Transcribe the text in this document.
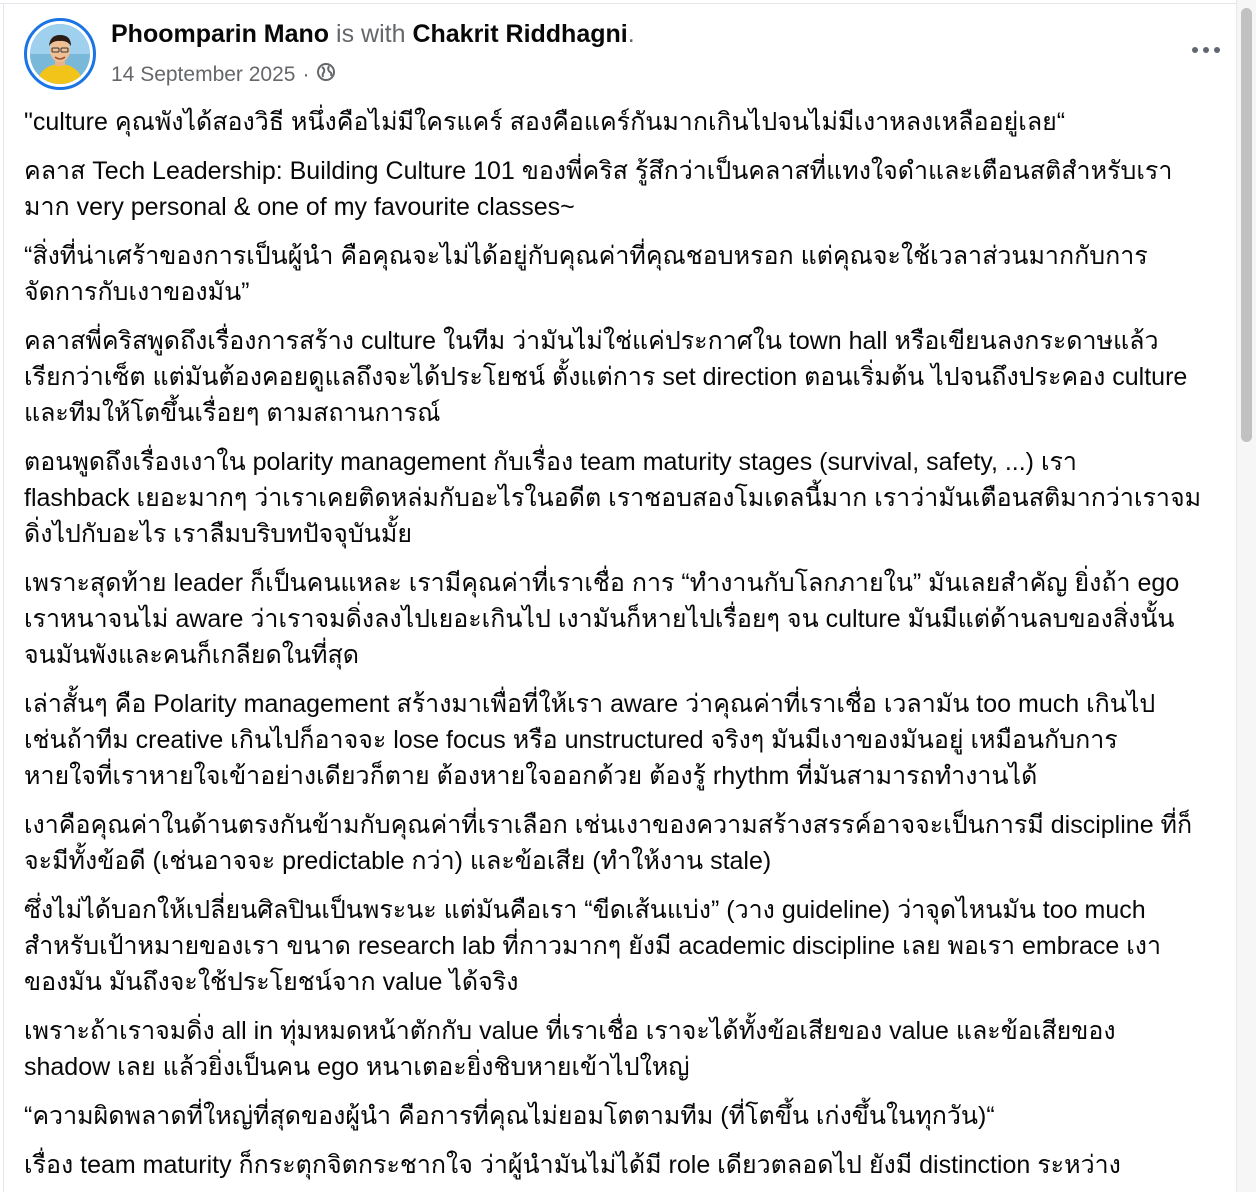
Phoomparin Mano is with Chakrit Riddhagni.
14 September 2025 ·

"culture คุณพังได้สองวิธี หนึ่งคือไม่มีใครแคร์ สองคือแคร์กันมากเกินไปจนไม่มีเงาหลงเหลืออยู่เลย“

คลาส Tech Leadership: Building Culture 101 ของพี่คริส รู้สึกว่าเป็นคลาสที่แทงใจดำและเตือนสติสำหรับเรา
มาก very personal & one of my favourite classes~

“สิ่งที่น่าเศร้าของการเป็นผู้นำ คือคุณจะไม่ได้อยู่กับคุณค่าที่คุณชอบหรอก แต่คุณจะใช้เวลาส่วนมากกับการ
จัดการกับเงาของมัน”

คลาสพี่คริสพูดถึงเรื่องการสร้าง culture ในทีม ว่ามันไม่ใช่แค่ประกาศใน town hall หรือเขียนลงกระดาษแล้ว
เรียกว่าเซ็ต แต่มันต้องคอยดูแลถึงจะได้ประโยชน์ ตั้งแต่การ set direction ตอนเริ่มต้น ไปจนถึงประคอง culture
และทีมให้โตขึ้นเรื่อยๆ ตามสถานการณ์

ตอนพูดถึงเรื่องเงาใน polarity management กับเรื่อง team maturity stages (survival, safety, ...) เรา
flashback เยอะมากๆ ว่าเราเคยติดหล่มกับอะไรในอดีต เราชอบสองโมเดลนี้มาก เราว่ามันเตือนสติมากว่าเราจม
ดิ่งไปกับอะไร เราลืมบริบทปัจจุบันมั้ย

เพราะสุดท้าย leader ก็เป็นคนแหละ เรามีคุณค่าที่เราเชื่อ การ “ทำงานกับโลกภายใน” มันเลยสำคัญ ยิ่งถ้า ego
เราหนาจนไม่ aware ว่าเราจมดิ่งลงไปเยอะเกินไป เงามันก็หายไปเรื่อยๆ จน culture มันมีแต่ด้านลบของสิ่งนั้น
จนมันพังและคนก็เกลียดในที่สุด

เล่าสั้นๆ คือ Polarity management สร้างมาเพื่อที่ให้เรา aware ว่าคุณค่าที่เราเชื่อ เวลามัน too much เกินไป
เช่นถ้าทีม creative เกินไปก็อาจจะ lose focus หรือ unstructured จริงๆ มันมีเงาของมันอยู่ เหมือนกับการ
หายใจที่เราหายใจเข้าอย่างเดียวก็ตาย ต้องหายใจออกด้วย ต้องรู้ rhythm ที่มันสามารถทำงานได้

เงาคือคุณค่าในด้านตรงกันข้ามกับคุณค่าที่เราเลือก เช่นเงาของความสร้างสรรค์อาจจะเป็นการมี discipline ที่ก็
จะมีทั้งข้อดี (เช่นอาจจะ predictable กว่า) และข้อเสีย (ทำให้งาน stale)

ซึ่งไม่ได้บอกให้เปลี่ยนศิลปินเป็นพระนะ แต่มันคือเรา “ขีดเส้นแบ่ง” (วาง guideline) ว่าจุดไหนมัน too much
สำหรับเป้าหมายของเรา ขนาด research lab ที่กาวมากๆ ยังมี academic discipline เลย พอเรา embrace เงา
ของมัน มันถึงจะใช้ประโยชน์จาก value ได้จริง

เพราะถ้าเราจมดิ่ง all in ทุ่มหมดหน้าตักกับ value ที่เราเชื่อ เราจะได้ทั้งข้อเสียของ value และข้อเสียของ
shadow เลย แล้วยิ่งเป็นคน ego หนาเตอะยิ่งชิบหายเข้าไปใหญ่

“ความผิดพลาดที่ใหญ่ที่สุดของผู้นำ คือการที่คุณไม่ยอมโตตามทีม (ที่โตขึ้น เก่งขึ้นในทุกวัน)“

เรื่อง team maturity ก็กระตุกจิตกระชากใจ ว่าผู้นำมันไม่ได้มี role เดียวตลอดไป ยังมี distinction ระหว่าง
